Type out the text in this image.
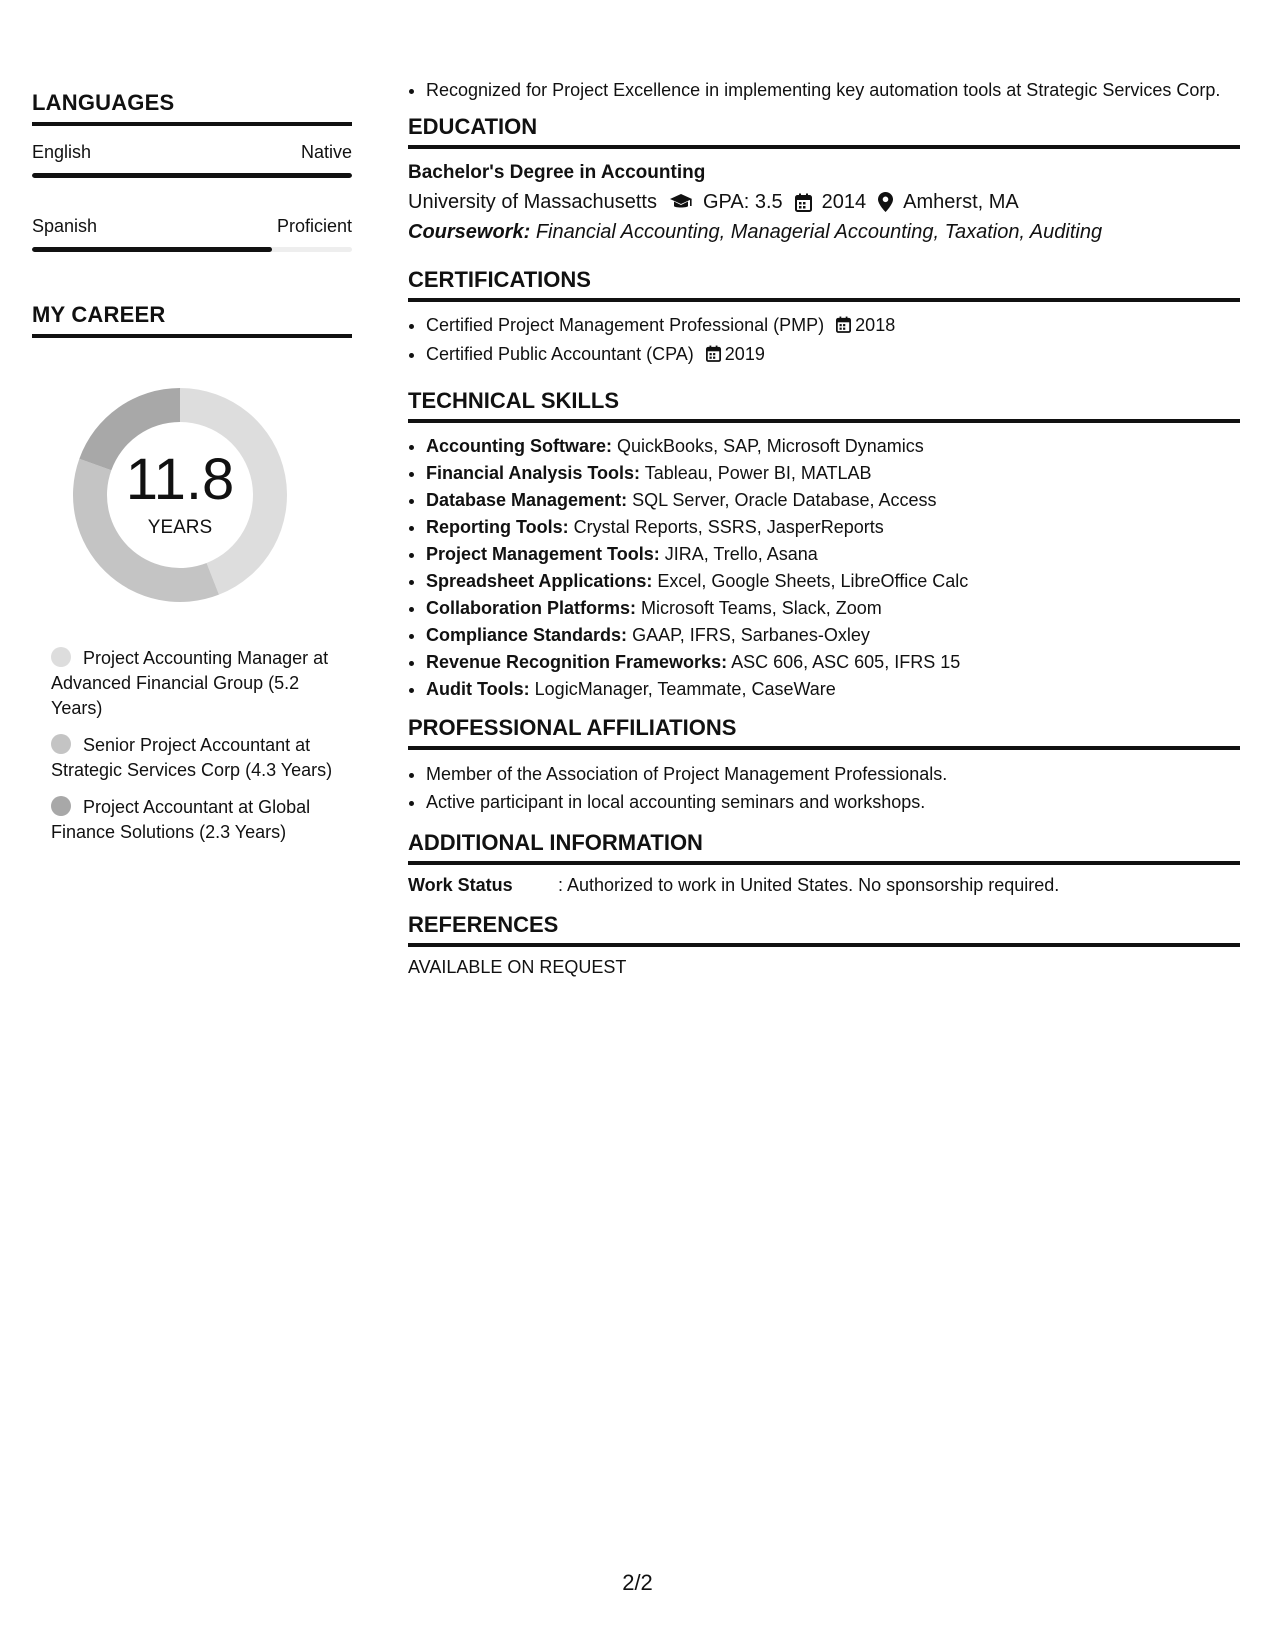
LANGUAGES
English	Native
Spanish	Proficient
MY CAREER
11.8
YEARS
Project Accounting Manager at Advanced Financial Group (5.2 Years)
Senior Project Accountant at Strategic Services Corp (4.3 Years)
Project Accountant at Global Finance Solutions (2.3 Years)
• Recognized for Project Excellence in implementing key automation tools at Strategic Services Corp.
EDUCATION
Bachelor's Degree in Accounting
University of Massachusetts GPA: 3.5 2014 Amherst, MA
Coursework: Financial Accounting, Managerial Accounting, Taxation, Auditing
CERTIFICATIONS
• Certified Project Management Professional (PMP) 2018
• Certified Public Accountant (CPA) 2019
TECHNICAL SKILLS
• Accounting Software: QuickBooks, SAP, Microsoft Dynamics
• Financial Analysis Tools: Tableau, Power BI, MATLAB
• Database Management: SQL Server, Oracle Database, Access
• Reporting Tools: Crystal Reports, SSRS, JasperReports
• Project Management Tools: JIRA, Trello, Asana
• Spreadsheet Applications: Excel, Google Sheets, LibreOffice Calc
• Collaboration Platforms: Microsoft Teams, Slack, Zoom
• Compliance Standards: GAAP, IFRS, Sarbanes-Oxley
• Revenue Recognition Frameworks: ASC 606, ASC 605, IFRS 15
• Audit Tools: LogicManager, Teammate, CaseWare
PROFESSIONAL AFFILIATIONS
• Member of the Association of Project Management Professionals.
• Active participant in local accounting seminars and workshops.
ADDITIONAL INFORMATION
Work Status	: Authorized to work in United States. No sponsorship required.
REFERENCES
AVAILABLE ON REQUEST
2/2
